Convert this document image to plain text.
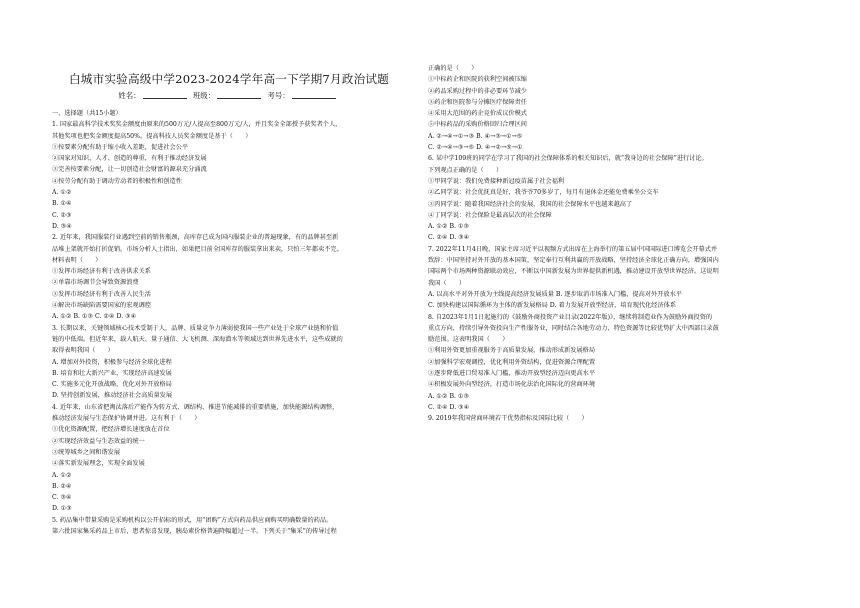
白城市实验高级中学2023-2024学年高一下学期7月政治试题
姓名：	班级：	考号：
一、选择题（共15小题）
1. 国家最高科学技术奖奖金额度由原来的500万元/人提高至800万元/人，并且奖金全部授予获奖者个人，
其他奖项也把奖金额度提高50%。提高科技人员奖金额度是基于（　　）
①按要素分配有助于缩小收入差距，促进社会公平
②国家对知识、人才、创造的尊重，有利于推动经济发展
③完善按要素分配，让一切创造社会财富的源泉充分涌流
④按劳分配有助于调动劳动者的积极性和创造性
A. ①②
B. ①④
C. ②③
D. ③④
2. 近年来，我国服装行业遇到空前的销售瓶颈，高库存已成为国内服装企业的普遍现象，有的品牌甚至新
品堆上架就开始打折促销。市场分析人士指出，如果把目前全国库存的服装拿出来卖，只怕三年都卖不完。
材料表明（　　）
①发挥市场经济有利于改善供求关系
②单靠市场调节会导致资源浪费
③发挥市场经济有利于改善人民生活
④解决市场缺陷需要国家的宏观调控
A. ①② B. ①③ C. ②④ D. ③④
3. 长期以来，关键领域核心技术受制于人，品牌、质量竞争力薄弱使我国一些产业处于全球产业链和价值
链的中低端。但近年来，载人航天、量子通信、大飞机测、深海潜水等领域达到世界先进水平，这些成就的
取得表明我国（　　）
A. 增加对外投资，积极参与经济全球化进程
B. 培育和壮大新兴产业，实现经济高速发展
C. 实施多元化开放战略，优化对外开放格局
D. 坚持创新发展，推动经济社会高质量发展
4. 近年来，山东省把淘汰落后产能作为转方式、调结构、推进节能减排的重要措施，加快能源结构调整，
推动经济发展与生态保护协调并进。这有利于（　　）
①优化资源配置，把经济增长速度放在首位
②实现经济效益与生态效益的统一
③统筹城乡之间和谐发展
④落实新发展理念，实现全面发展
A. ①②
B. ②④
C. ③④
D. ①③
5. 药品集中带量采购是采购机构以公开招标的形式，用“团购”方式向药品供应商购买明确数量的药品。
第六批国家集采药品上市后，患者惊喜发现，胰岛素价格普遍降幅超过一半。下列关于“集采”的传导过程
正确的是（　　）
①中标药企和医院的获利空间被压缩
②药品采购过程中的非必要环节减少
③药企和医院参与分摊医疗保障责任
④采用大范围的药企竞价成议价模式
⑤中标药品的采购价格回归合理区间
A. ②→④→①→③ B. ④→③→①→⑤
C. ②→④→③→⑤ D. ④→②→⑤→①
6. 某中学109班的同学在学习了我国的社会保障体系的相关知识后，就“我身边的社会保障”进行讨论。
下列观点正确的是（　　）
①甲同学说：我们免费接种新冠疫苗属于社会福利
②乙同学说：社会优抚真是好，我爷爷70多岁了，每月有退休金还能免费乘坐公交车
③丙同学说：随着我国经济社会的发展，我国的社会保障水平也越来越高了
④丁同学说：社会保险是最高层次的社会保障
A. ①② B. ①③
C. ②④ D. ③④
7. 2022年11月4日晚，国家主席习近平以视频方式出席在上海举行的第五届中国国际进口博览会开幕式并
致辞：中国坚持对外开放的基本国策，坚定奉行互利共赢的开放战略，坚持经济全球化正确方向，增强国内
国际两个市场两种资源联动效应，不断以中国新发展为世界提供新机遇，推动建设开放型世界经济。这说明
我国（　　）
A. 以高水平对外开放为主线提高经济发展质量 B. 逐步取消市场准入门槛，提高对外开放水平
C. 加快构建以国际循环为主体的新发展格局 D. 着力发展开放型经济，培育现代化经济体系
8. 自2023年1月1日起施行的《鼓励外商投资产业目录(2022年版)》，继续将制造业作为鼓励外商投资的
重点方向，持续引导外资投向生产性服务业，同时结合各地劳动力、特色资源等比较优势扩大中西部目录鼓
励范围。这表明我国（　　）
①利用外资更加重视服务于高质量发展，推动形成新发展格局
②加强科学宏观调控，优化利用外资结构，促进资源合理配置
③逐步降低进口贸易准入门槛，推动开放型经济迈向更高水平
④积极发展外向型经济，打造市场化法治化国际化的营商环境
A. ①② B. ①③
C. ②④ D. ③④
9. 2019年我国营商环境若干优势指标及国际比较（　　）
